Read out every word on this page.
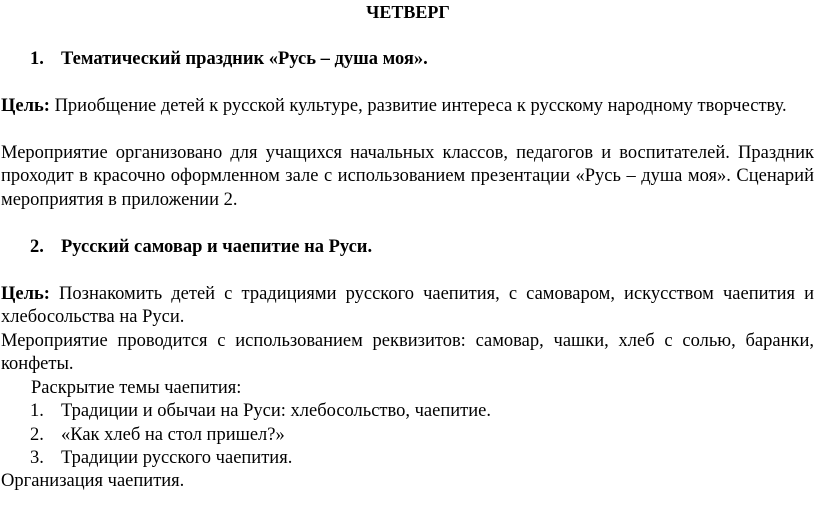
ЧЕТВЕРГ
1. Тематический праздник «Русь – душа моя».
Цель: Приобщение детей к русской культуре, развитие интереса к русскому народному творчеству.
Мероприятие организовано для учащихся начальных классов, педагогов и воспитателей. Праздник проходит в красочно оформленном зале с использованием презентации «Русь – душа моя». Сценарий мероприятия в приложении 2.
2. Русский самовар и чаепитие на Руси.
Цель: Познакомить детей с традициями русского чаепития, с самоваром, искусством чаепития и хлебосольства на Руси.
Мероприятие проводится с использованием реквизитов: самовар, чашки, хлеб с солью, баранки, конфеты.
Раскрытие темы чаепития:
1. Традиции и обычаи на Руси: хлебосольство, чаепитие.
2. «Как хлеб на стол пришел?»
3. Традиции русского чаепития.
Организация чаепития.
